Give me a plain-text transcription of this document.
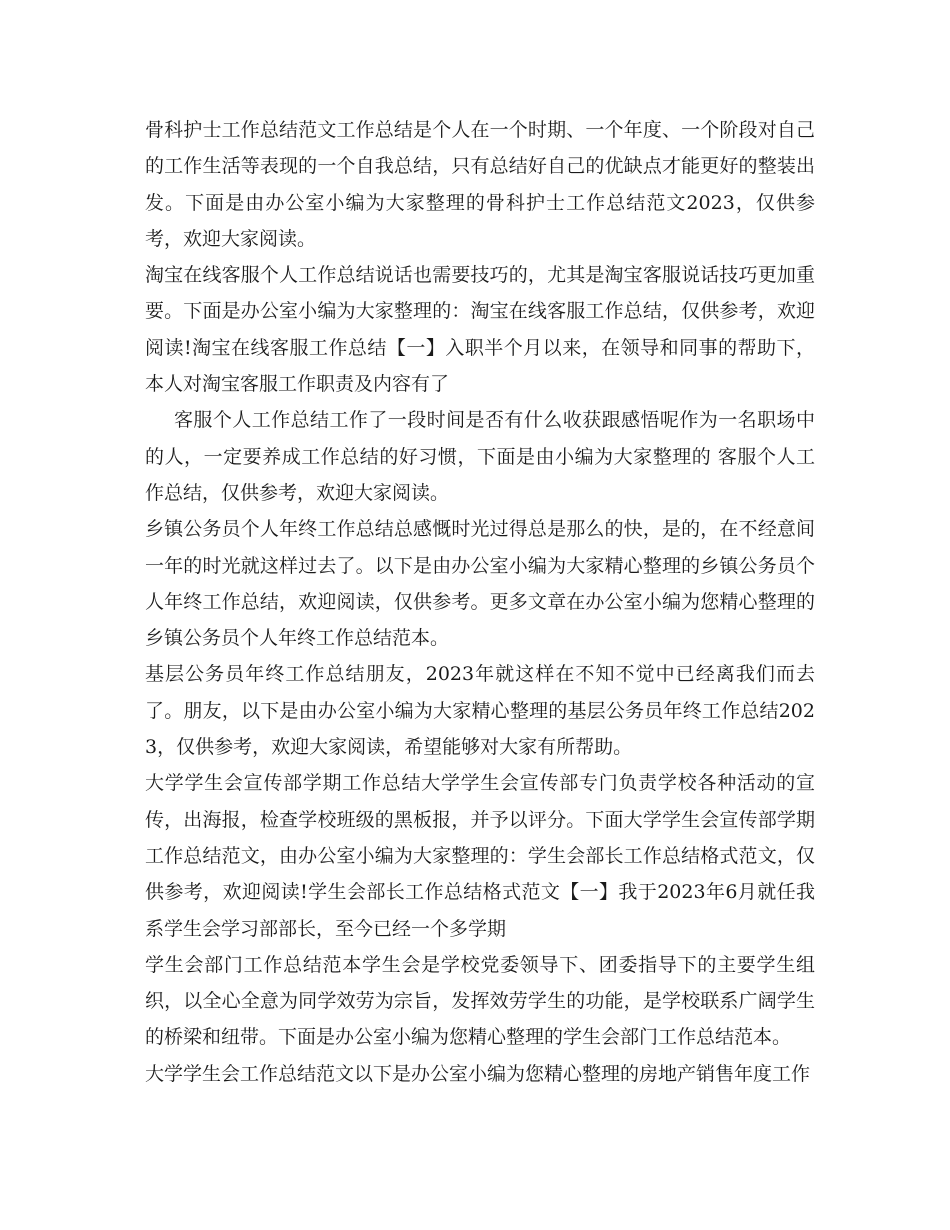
骨科护士工作总结范文工作总结是个人在一个时期、一个年度、一个阶段对自己的工作生活等表现的一个自我总结，只有总结好自己的优缺点才能更好的整装出发。下面是由办公室小编为大家整理的骨科护士工作总结范文2023，仅供参考，欢迎大家阅读。

淘宝在线客服个人工作总结说话也需要技巧的，尤其是淘宝客服说话技巧更加重要。下面是办公室小编为大家整理的：淘宝在线客服工作总结，仅供参考，欢迎阅读!淘宝在线客服工作总结【一】入职半个月以来，在领导和同事的帮助下，本人对淘宝客服工作职责及内容有了

客服个人工作总结工作了一段时间是否有什么收获跟感悟呢作为一名职场中的人，一定要养成工作总结的好习惯，下面是由小编为大家整理的 客服个人工作总结，仅供参考，欢迎大家阅读。

乡镇公务员个人年终工作总结总感慨时光过得总是那么的快，是的，在不经意间一年的时光就这样过去了。以下是由办公室小编为大家精心整理的乡镇公务员个人年终工作总结，欢迎阅读，仅供参考。更多文章在办公室小编为您精心整理的乡镇公务员个人年终工作总结范本。

基层公务员年终工作总结朋友，2023年就这样在不知不觉中已经离我们而去了。朋友，以下是由办公室小编为大家精心整理的基层公务员年终工作总结2023，仅供参考，欢迎大家阅读，希望能够对大家有所帮助。

大学学生会宣传部学期工作总结大学学生会宣传部专门负责学校各种活动的宣传，出海报，检查学校班级的黑板报，并予以评分。下面大学学生会宣传部学期工作总结范文，由办公室小编为大家整理的：学生会部长工作总结格式范文，仅供参考，欢迎阅读!学生会部长工作总结格式范文【一】我于2023年6月就任我系学生会学习部部长，至今已经一个多学期

学生会部门工作总结范本学生会是学校党委领导下、团委指导下的主要学生组织，以全心全意为同学效劳为宗旨，发挥效劳学生的功能，是学校联系广阔学生的桥梁和纽带。下面是办公室小编为您精心整理的学生会部门工作总结范本。

大学学生会工作总结范文以下是办公室小编为您精心整理的房地产销售年度工作
